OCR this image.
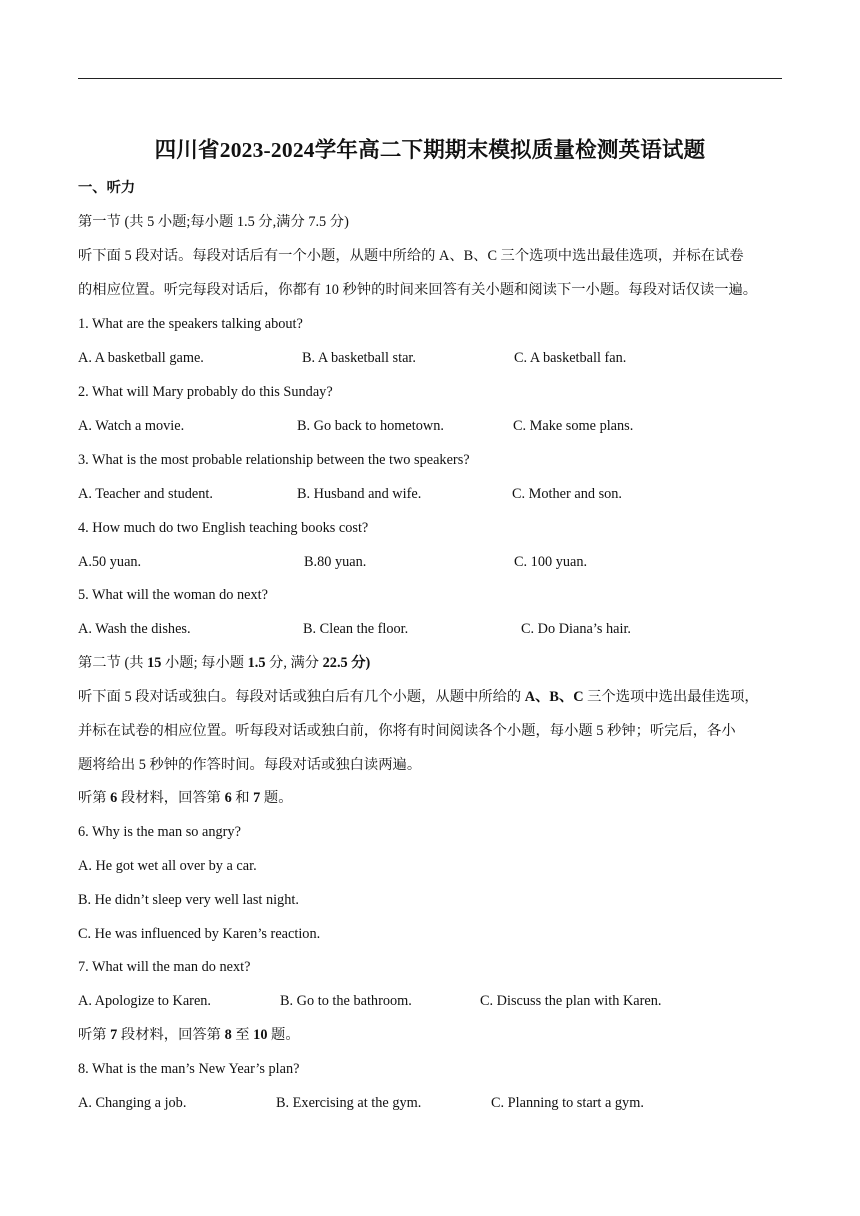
四川省2023-2024学年高二下期期末模拟质量检测英语试题
一、听力
第一节 (共 5 小题;每小题 1.5 分,满分 7.5 分)
听下面 5 段对话。每段对话后有一个小题，从题中所给的 A、B、C 三个选项中选出最佳选项，并标在试卷
的相应位置。听完每段对话后，你都有 10 秒钟的时间来回答有关小题和阅读下一小题。每段对话仅读一遍。
1. What are the speakers talking about?
A. A basketball game.	B. A basketball star.	C. A basketball fan.
2. What will Mary probably do this Sunday?
A. Watch a movie.	B. Go back to hometown.	C. Make some plans.
3. What is the most probable relationship between the two speakers?
A. Teacher and student.	B. Husband and wife.	C. Mother and son.
4. How much do two English teaching books cost?
A.50 yuan.	B.80 yuan.	C. 100 yuan.
5. What will the woman do next?
A. Wash the dishes.	B. Clean the floor.	C. Do Diana’s hair.
第二节 (共 15 小题; 每小题 1.5 分, 满分 22.5 分)
听下面 5 段对话或独白。每段对话或独白后有几个小题，从题中所给的 A、B、C 三个选项中选出最佳选项，
并标在试卷的相应位置。听每段对话或独白前，你将有时间阅读各个小题，每小题 5 秒钟；听完后，各小
题将给出 5 秒钟的作答时间。每段对话或独白读两遍。
听第 6 段材料，回答第 6 和 7 题。
6. Why is the man so angry?
A. He got wet all over by a car.
B. He didn’t sleep very well last night.
C. He was influenced by Karen’s reaction.
7. What will the man do next?
A. Apologize to Karen.	B. Go to the bathroom.	C. Discuss the plan with Karen.
听第 7 段材料，回答第 8 至 10 题。
8. What is the man’s New Year’s plan?
A. Changing a job.	B. Exercising at the gym.	C. Planning to start a gym.
